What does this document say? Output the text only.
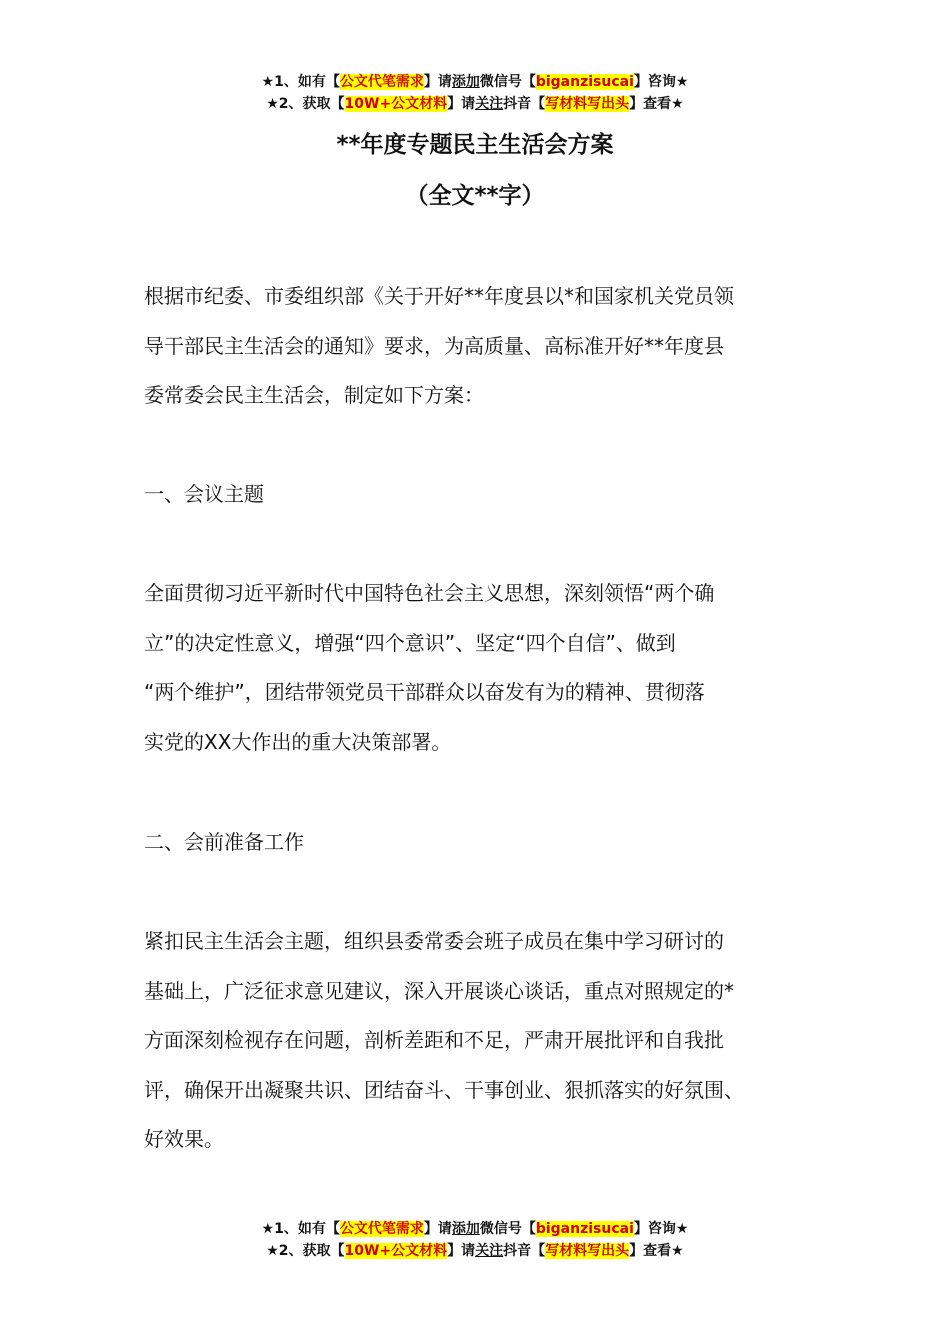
★1、如有【公文代笔需求】请添加微信号【biganzisucai】咨询★
★2、获取【10W+公文材料】请关注抖音【写材料写出头】查看★
**年度专题民主生活会方案
（全文**字）
根据市纪委、市委组织部《关于开好**年度县以*和国家机关党员领
导干部民主生活会的通知》要求，为高质量、高标准开好**年度县
委常委会民主生活会，制定如下方案：
一、会议主题
全面贯彻习近平新时代中国特色社会主义思想，深刻领悟“两个确
立”的决定性意义，增强“四个意识”、坚定“四个自信”、做到
“两个维护”，团结带领党员干部群众以奋发有为的精神、贯彻落
实党的XX大作出的重大决策部署。
二、会前准备工作
紧扣民主生活会主题，组织县委常委会班子成员在集中学习研讨的
基础上，广泛征求意见建议，深入开展谈心谈话，重点对照规定的*
方面深刻检视存在问题，剖析差距和不足，严肃开展批评和自我批
评，确保开出凝聚共识、团结奋斗、干事创业、狠抓落实的好氛围、
好效果。
★1、如有【公文代笔需求】请添加微信号【biganzisucai】咨询★
★2、获取【10W+公文材料】请关注抖音【写材料写出头】查看★
